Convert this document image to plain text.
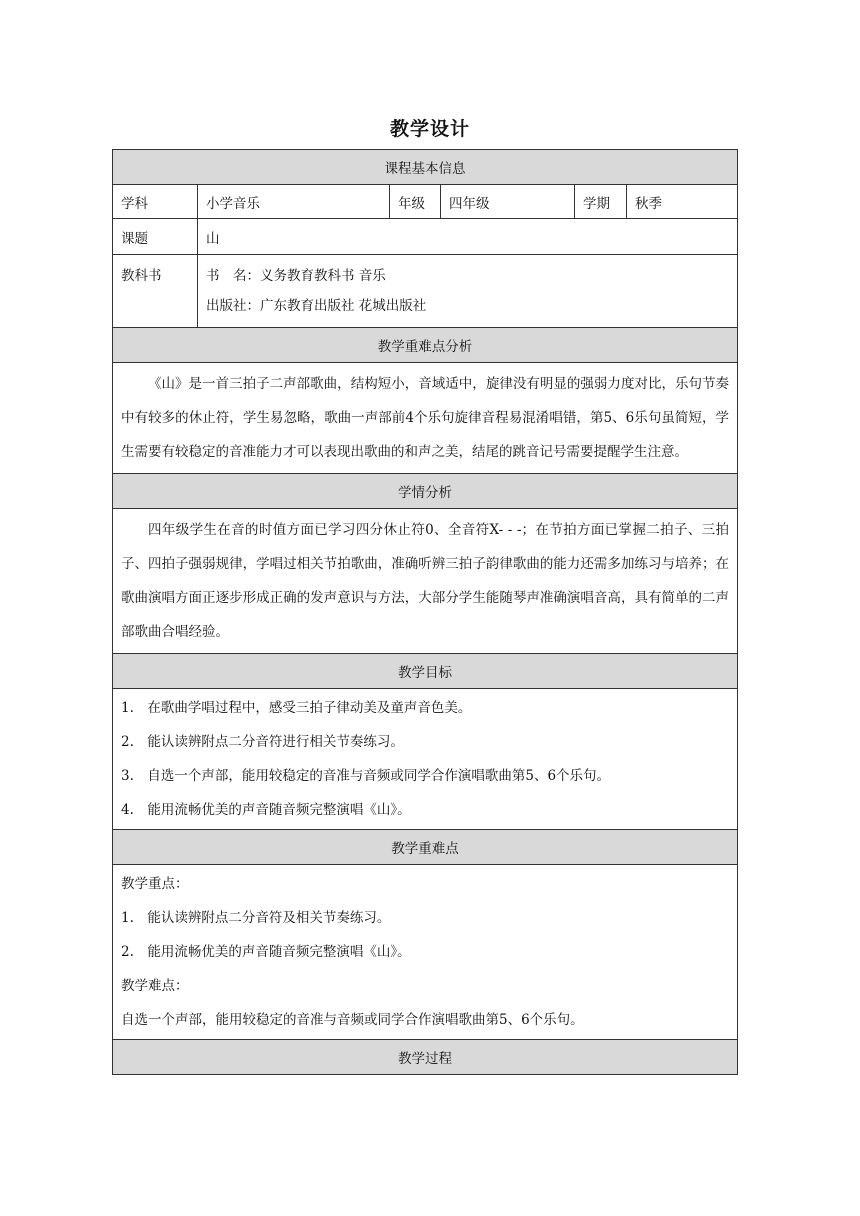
教学设计
课程基本信息					
学科	小学音乐	年级	四年级	学期	秋季
课题	山				

教科书	书　名：义务教育教科书 音乐
出版社：广东教育出版社 花城出版社				

教学重难点分析					
《山》是一首三拍子二声部歌曲，结构短小，音域适中，旋律没有明显的强弱力度对比，乐句节奏中有较多的休止符，学生易忽略，歌曲一声部前4个乐句旋律音程易混淆唱错，第5、6乐句虽简短，学生需要有较稳定的音准能力才可以表现出歌曲的和声之美，结尾的跳音记号需要提醒学生注意。					
学情分析					
四年级学生在音的时值方面已学习四分休止符0、全音符X- - -；在节拍方面已掌握二拍子、三拍子、四拍子强弱规律，学唱过相关节拍歌曲，准确听辨三拍子韵律歌曲的能力还需多加练习与培养；在歌曲演唱方面正逐步形成正确的发声意识与方法，大部分学生能随琴声准确演唱音高，具有简单的二声部歌曲合唱经验。					
教学目标					

1.　在歌曲学唱过程中，感受三拍子律动美及童声音色美。
2.　能认读辨附点二分音符进行相关节奏练习。
3.　自选一个声部，能用较稳定的音准与音频或同学合作演唱歌曲第5、6个乐句。
4.　能用流畅优美的声音随音频完整演唱《山》。					

教学重难点					

教学重点：
1.　能认读辨附点二分音符及相关节奏练习。
2.　能用流畅优美的声音随音频完整演唱《山》。
教学难点：
自选一个声部，能用较稳定的音准与音频或同学合作演唱歌曲第5、6个乐句。					

教学过程					
